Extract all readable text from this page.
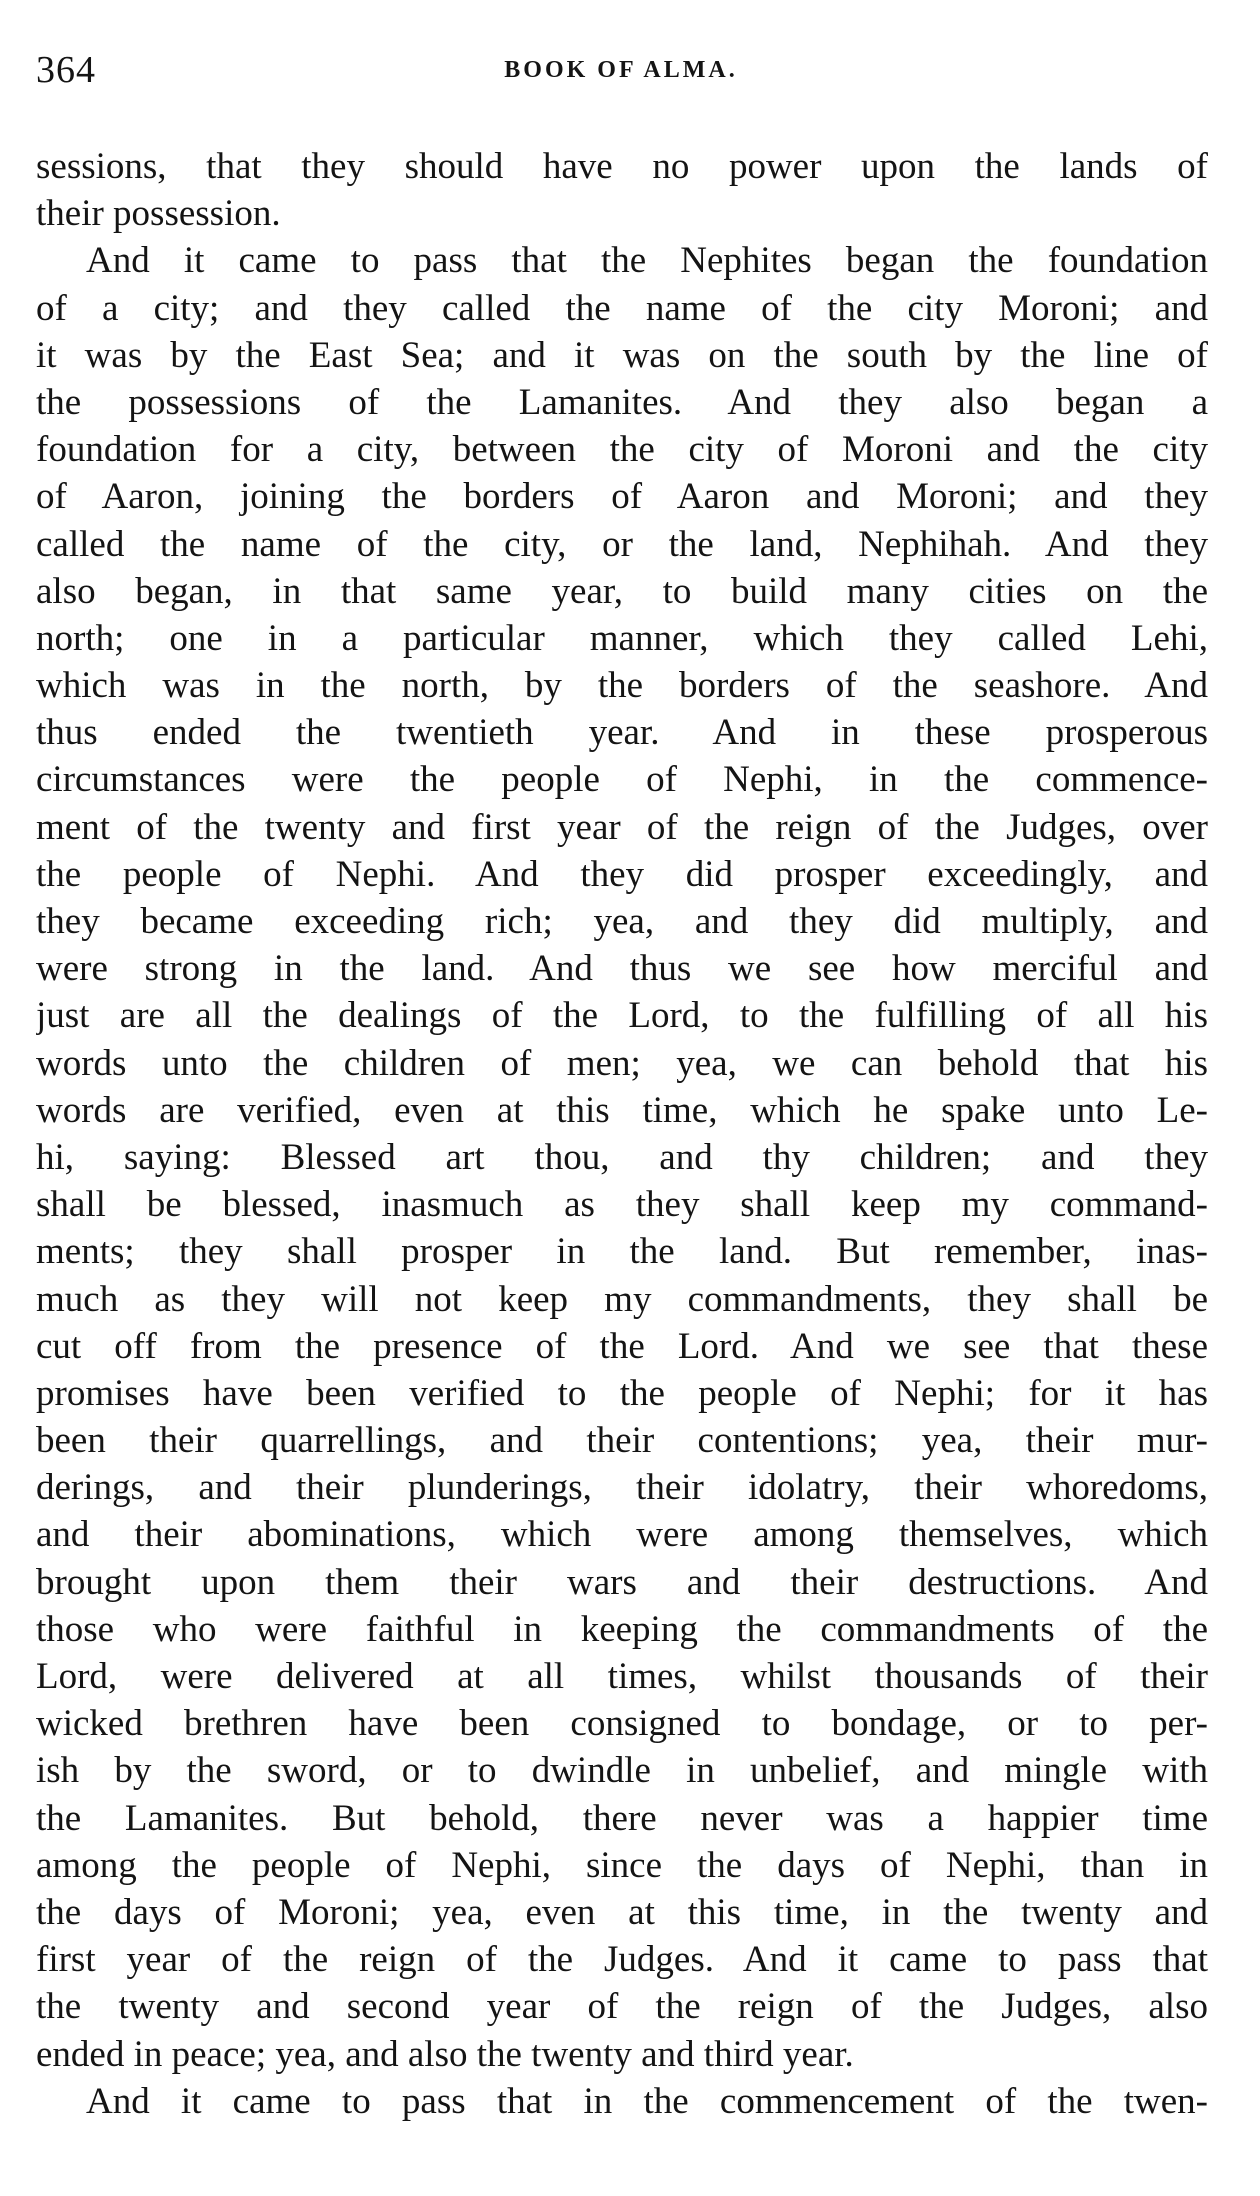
364	BOOK OF ALMA.
sessions, that they should have no power upon the lands of
their possession.
And it came to pass that the Nephites began the foundation
of a city; and they called the name of the city Moroni; and
it was by the East Sea; and it was on the south by the line of
the possessions of the Lamanites. And they also began a
foundation for a city, between the city of Moroni and the city
of Aaron, joining the borders of Aaron and Moroni; and they
called the name of the city, or the land, Nephihah. And they
also began, in that same year, to build many cities on the
north; one in a particular manner, which they called Lehi,
which was in the north, by the borders of the seashore. And
thus ended the twentieth year. And in these prosperous
circumstances were the people of Nephi, in the commence-
ment of the twenty and first year of the reign of the Judges, over
the people of Nephi. And they did prosper exceedingly, and
they became exceeding rich; yea, and they did multiply, and
were strong in the land. And thus we see how merciful and
just are all the dealings of the Lord, to the fulfilling of all his
words unto the children of men; yea, we can behold that his
words are verified, even at this time, which he spake unto Le-
hi, saying: Blessed art thou, and thy children; and they
shall be blessed, inasmuch as they shall keep my command-
ments; they shall prosper in the land. But remember, inas-
much as they will not keep my commandments, they shall be
cut off from the presence of the Lord. And we see that these
promises have been verified to the people of Nephi; for it has
been their quarrellings, and their contentions; yea, their mur-
derings, and their plunderings, their idolatry, their whoredoms,
and their abominations, which were among themselves, which
brought upon them their wars and their destructions. And
those who were faithful in keeping the commandments of the
Lord, were delivered at all times, whilst thousands of their
wicked brethren have been consigned to bondage, or to per-
ish by the sword, or to dwindle in unbelief, and mingle with
the Lamanites. But behold, there never was a happier time
among the people of Nephi, since the days of Nephi, than in
the days of Moroni; yea, even at this time, in the twenty and
first year of the reign of the Judges. And it came to pass that
the twenty and second year of the reign of the Judges, also
ended in peace; yea, and also the twenty and third year.
And it came to pass that in the commencement of the twen-
